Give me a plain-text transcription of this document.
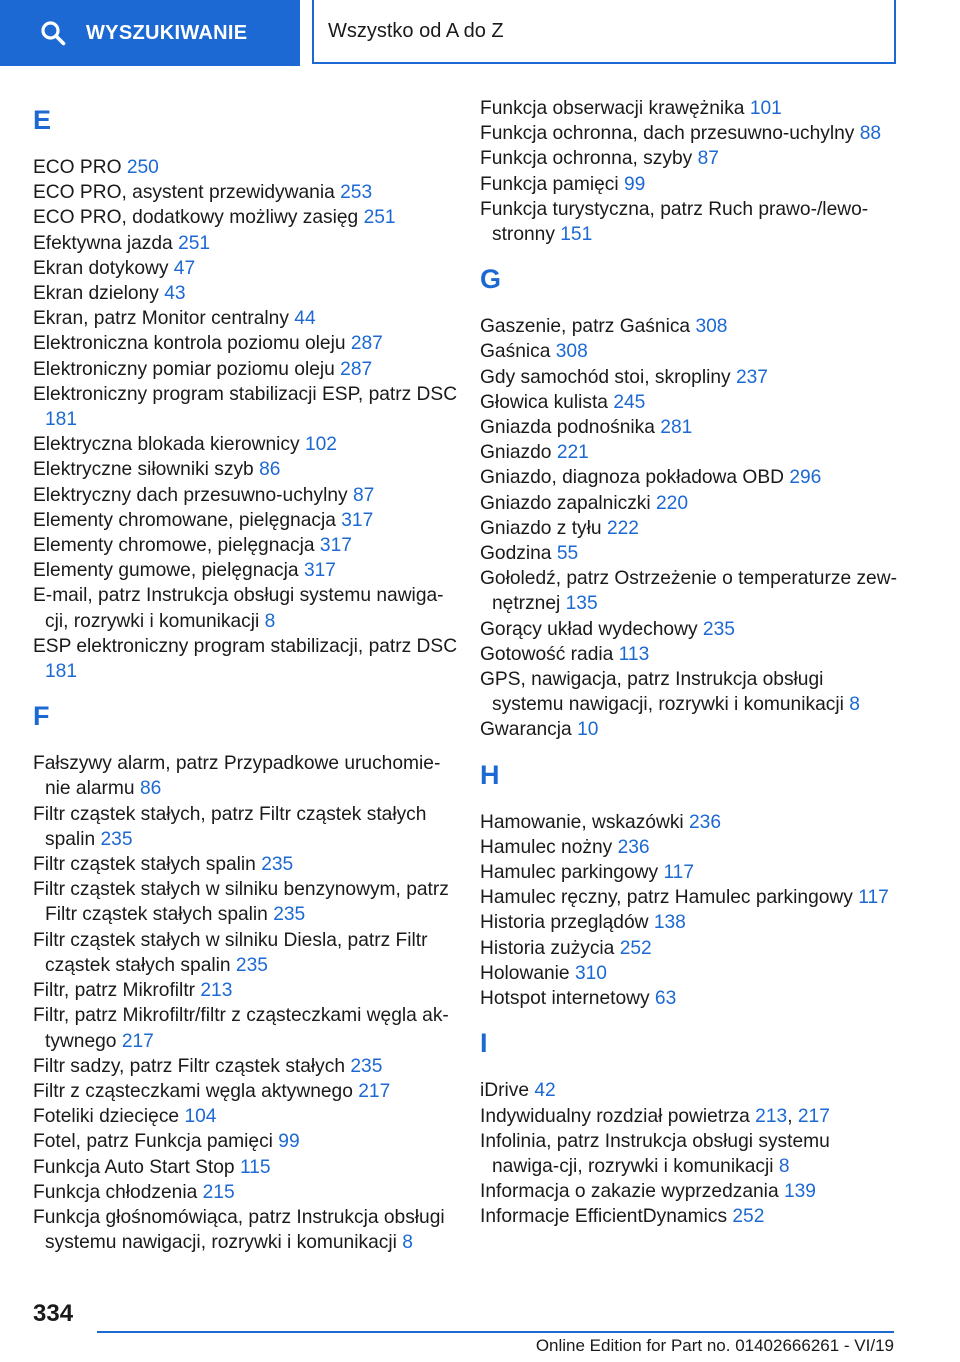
WYSZUKIWANIE	Wszystko od A do Z
E
ECO PRO 250
ECO PRO, asystent przewidywania 253
ECO PRO, dodatkowy możliwy zasięg 251
Efektywna jazda 251
Ekran dotykowy 47
Ekran dzielony 43
Ekran, patrz Monitor centralny 44
Elektroniczna kontrola poziomu oleju 287
Elektroniczny pomiar poziomu oleju 287
Elektroniczny program stabilizacji ESP, patrz DSC 181
Elektryczna blokada kierownicy 102
Elektryczne siłowniki szyb 86
Elektryczny dach przesuwno-uchylny 87
Elementy chromowane, pielęgnacja 317
Elementy chromowe, pielęgnacja 317
Elementy gumowe, pielęgnacja 317
E-mail, patrz Instrukcja obsługi systemu nawiga-cji, rozrywki i komunikacji 8
ESP elektroniczny program stabilizacji, patrz DSC 181
F
Fałszywy alarm, patrz Przypadkowe uruchomie-nie alarmu 86
Filtr cząstek stałych, patrz Filtr cząstek stałych spalin 235
Filtr cząstek stałych spalin 235
Filtr cząstek stałych w silniku benzynowym, patrz Filtr cząstek stałych spalin 235
Filtr cząstek stałych w silniku Diesla, patrz Filtr cząstek stałych spalin 235
Filtr, patrz Mikrofiltr 213
Filtr, patrz Mikrofiltr/filtr z cząsteczkami węgla ak-tywnego 217
Filtr sadzy, patrz Filtr cząstek stałych 235
Filtr z cząsteczkami węgla aktywnego 217
Foteliki dziecięce 104
Fotel, patrz Funkcja pamięci 99
Funkcja Auto Start Stop 115
Funkcja chłodzenia 215
Funkcja głośnomówiąca, patrz Instrukcja obsługi systemu nawigacji, rozrywki i komunikacji 8
Funkcja obserwacji krawężnika 101
Funkcja ochronna, dach przesuwno-uchylny 88
Funkcja ochronna, szyby 87
Funkcja pamięci 99
Funkcja turystyczna, patrz Ruch prawo-/lewo-stronny 151
G
Gaszenie, patrz Gaśnica 308
Gaśnica 308
Gdy samochód stoi, skropliny 237
Głowica kulista 245
Gniazda podnośnika 281
Gniazdo 221
Gniazdo, diagnoza pokładowa OBD 296
Gniazdo zapalniczki 220
Gniazdo z tyłu 222
Godzina 55
Gołoledź, patrz Ostrzeżenie o temperaturze zew-nętrznej 135
Gorący układ wydechowy 235
Gotowość radia 113
GPS, nawigacja, patrz Instrukcja obsługi systemu nawigacji, rozrywki i komunikacji 8
Gwarancja 10
H
Hamowanie, wskazówki 236
Hamulec nożny 236
Hamulec parkingowy 117
Hamulec ręczny, patrz Hamulec parkingowy 117
Historia przeglądów 138
Historia zużycia 252
Holowanie 310
Hotspot internetowy 63
I
iDrive 42
Indywidualny rozdział powietrza 213, 217
Infolinia, patrz Instrukcja obsługi systemu nawiga-cji, rozrywki i komunikacji 8
Informacja o zakazie wyprzedzania 139
Informacje EfficientDynamics 252
334
Online Edition for Part no. 01402666261 - VI/19
